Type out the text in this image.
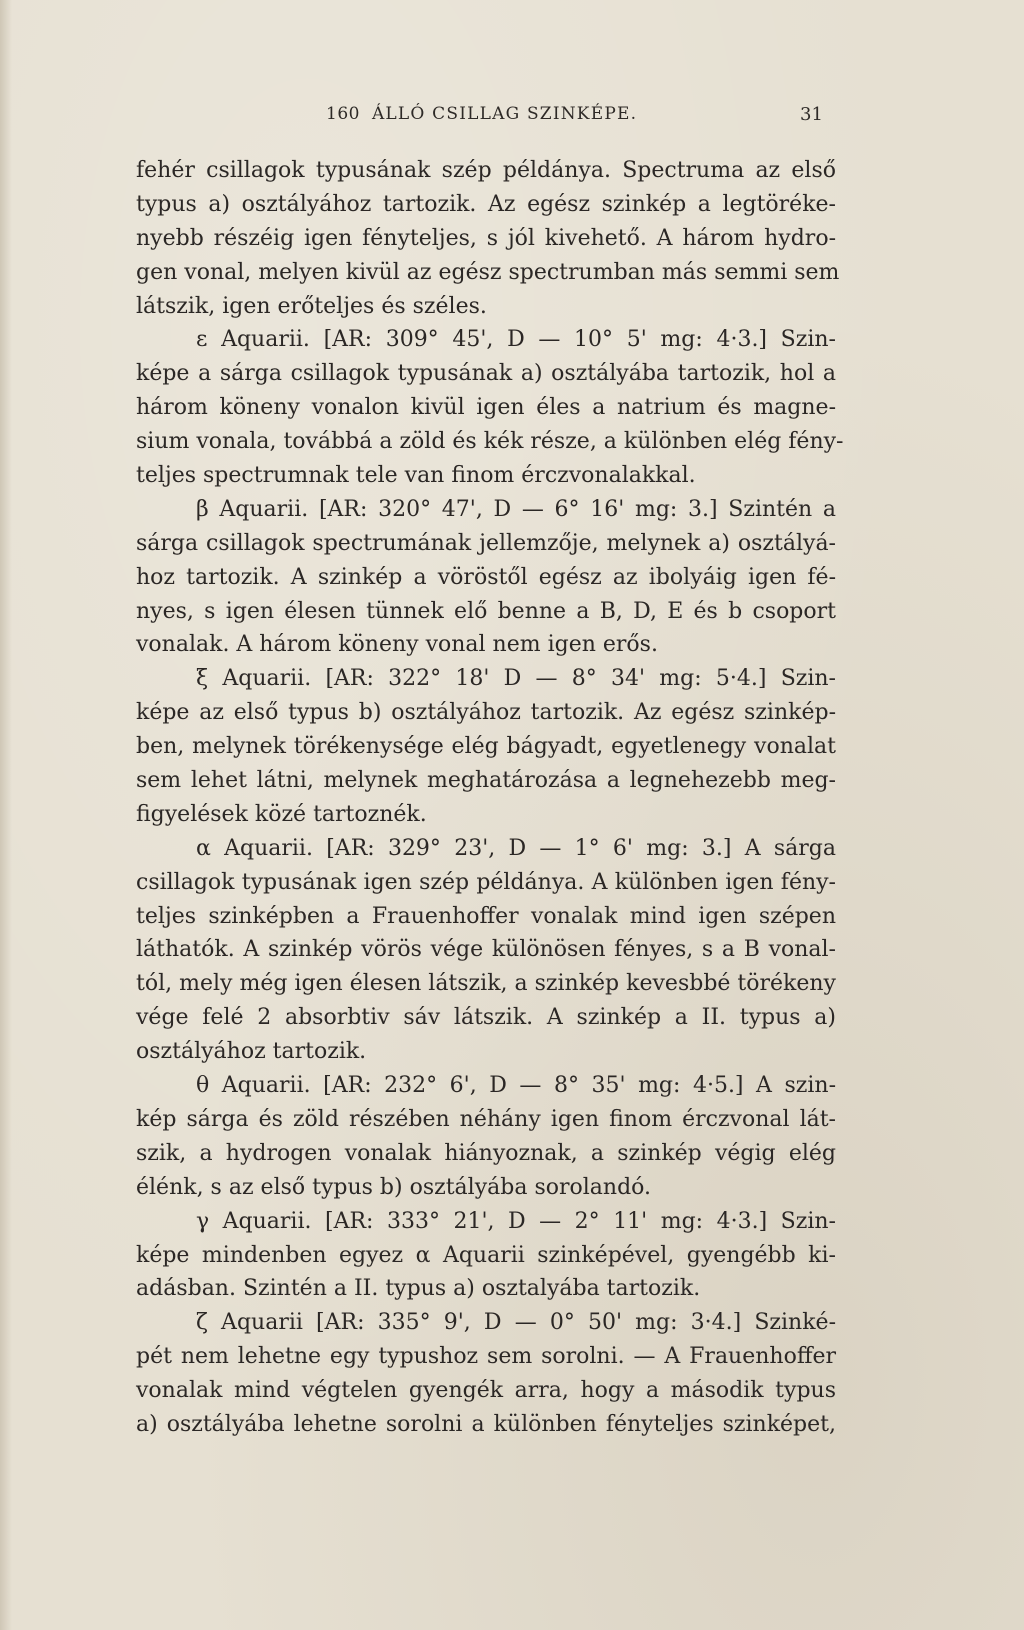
160 ÁLLÓ CSILLAG SZINKÉPE.	31
fehér csillagok typusának szép példánya. Spectruma az első
typus a) osztályához tartozik. Az egész szinkép a legtöréke-
nyebb részéig igen fényteljes, s jól kivehető. A három hydro-
gen vonal, melyen kivül az egész spectrumban más semmi sem
látszik, igen erőteljes és széles.
ε Aquarii. [AR: 309° 45', D — 10° 5' mg: 4·3.] Szin-
képe a sárga csillagok typusának a) osztályába tartozik, hol a
három köneny vonalon kivül igen éles a natrium és magne-
sium vonala, továbbá a zöld és kék része, a különben elég fény-
teljes spectrumnak tele van finom érczvonalakkal.
β Aquarii. [AR: 320° 47', D — 6° 16' mg: 3.] Szintén a
sárga csillagok spectrumának jellemzője, melynek a) osztályá-
hoz tartozik. A szinkép a vöröstől egész az ibolyáig igen fé-
nyes, s igen élesen tünnek elő benne a B, D, E és b csoport
vonalak. A három köneny vonal nem igen erős.
ξ Aquarii. [AR: 322° 18' D — 8° 34' mg: 5·4.] Szin-
képe az első typus b) osztályához tartozik. Az egész szinkép-
ben, melynek törékenysége elég bágyadt, egyetlenegy vonalat
sem lehet látni, melynek meghatározása a legnehezebb meg-
figyelések közé tartoznék.
α Aquarii. [AR: 329° 23', D — 1° 6' mg: 3.] A sárga
csillagok typusának igen szép példánya. A különben igen fény-
teljes szinképben a Frauenhoffer vonalak mind igen szépen
láthatók. A szinkép vörös vége különösen fényes, s a B vonal-
tól, mely még igen élesen látszik, a szinkép kevesbbé törékeny
vége felé 2 absorbtiv sáv látszik. A szinkép a II. typus a)
osztályához tartozik.
θ Aquarii. [AR: 232° 6', D — 8° 35' mg: 4·5.] A szin-
kép sárga és zöld részében néhány igen finom érczvonal lát-
szik, a hydrogen vonalak hiányoznak, a szinkép végig elég
élénk, s az első typus b) osztályába sorolandó.
γ Aquarii. [AR: 333° 21', D — 2° 11' mg: 4·3.] Szin-
képe mindenben egyez α Aquarii szinképével, gyengébb ki-
adásban. Szintén a II. typus a) osztalyába tartozik.
ζ Aquarii [AR: 335° 9', D — 0° 50' mg: 3·4.] Szinké-
pét nem lehetne egy typushoz sem sorolni. — A Frauenhoffer
vonalak mind végtelen gyengék arra, hogy a második typus
a) osztályába lehetne sorolni a különben fényteljes szinképet,
